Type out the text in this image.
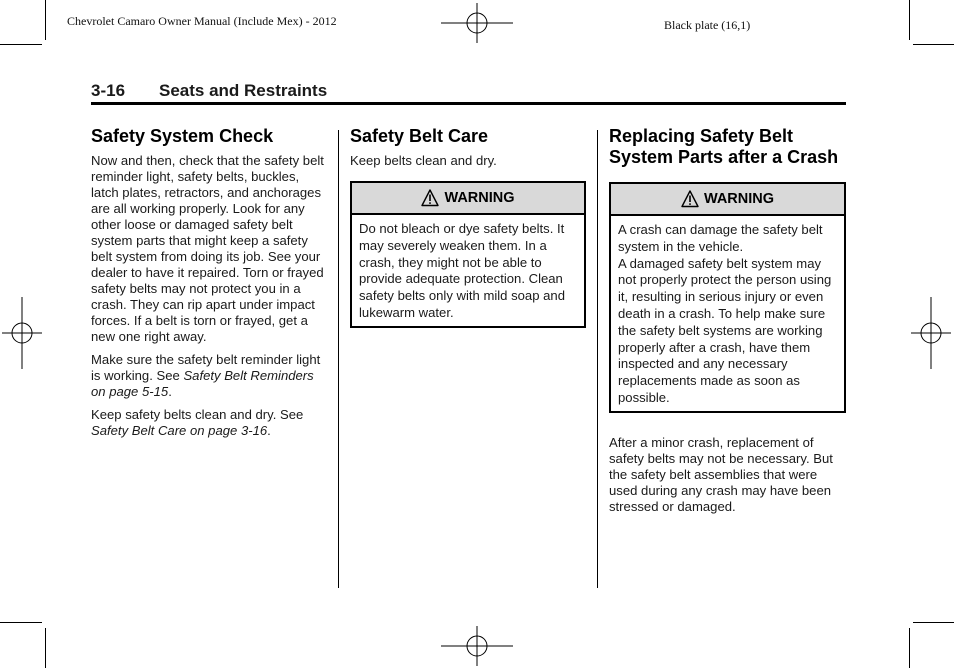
Chevrolet Camaro Owner Manual (Include Mex) - 2012	Black plate (16,1)
3-16 Seats and Restraints
Safety System Check

Now and then, check that the safety belt reminder light, safety belts, buckles, latch plates, retractors, and anchorages are all working properly. Look for any other loose or damaged safety belt system parts that might keep a safety belt system from doing its job. See your dealer to have it repaired. Torn or frayed safety belts may not protect you in a crash. They can rip apart under impact forces. If a belt is torn or frayed, get a new one right away.

Make sure the safety belt reminder light is working. See Safety Belt Reminders on page 5-15.

Keep safety belts clean and dry. See Safety Belt Care on page 3-16.

Safety Belt Care

Keep belts clean and dry.

WARNING

Do not bleach or dye safety belts. It may severely weaken them. In a crash, they might not be able to provide adequate protection. Clean safety belts only with mild soap and lukewarm water.

Replacing Safety Belt System Parts after a Crash
WARNING

A crash can damage the safety belt system in the vehicle.

A damaged safety belt system may not properly protect the person using it, resulting in serious injury or even death in a crash. To help make sure the safety belt systems are working properly after a crash, have them inspected and any necessary replacements made as soon as possible.

After a minor crash, replacement of safety belts may not be necessary. But the safety belt assemblies that were used during any crash may have been stressed or damaged.
